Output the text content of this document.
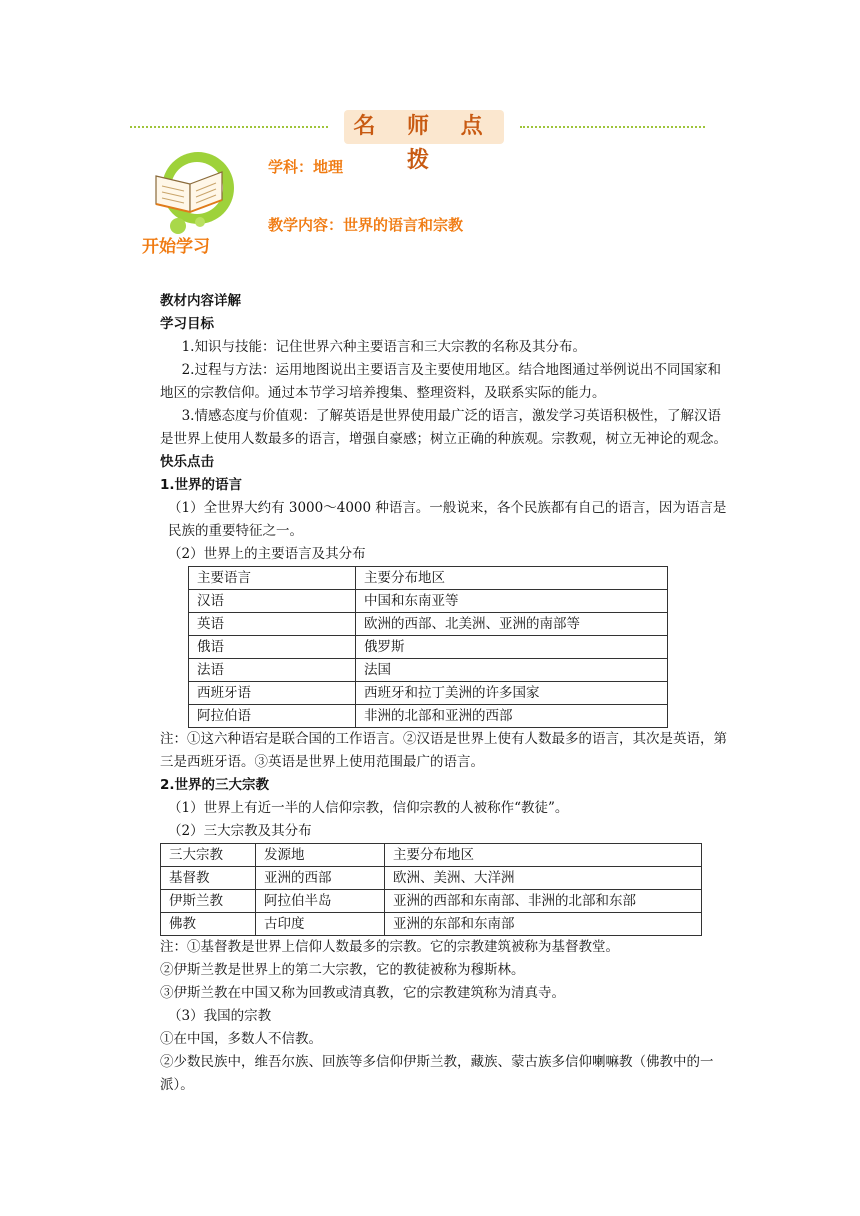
名 师 点 拨
开始学习
学科：地理
教学内容：世界的语言和宗教

教材内容详解

学习目标

1.知识与技能：记住世界六种主要语言和三大宗教的名称及其分布。

2.过程与方法：运用地图说出主要语言及主要使用地区。结合地图通过举例说出不同国家和地区的宗教信仰。通过本节学习培养搜集、整理资料，及联系实际的能力。

3.情感态度与价值观：了解英语是世界使用最广泛的语言，激发学习英语积极性，了解汉语是世界上使用人数最多的语言，增强自豪感；树立正确的种族观。宗教观，树立无神论的观念。

快乐点击

1.世界的语言

（1）全世界大约有 3000～4000 种语言。一般说来，各个民族都有自己的语言，因为语言是民族的重要特征之一。

（2）世界上的主要语言及其分布

主要语言	主要分布地区
汉语	中国和东南亚等
英语	欧洲的西部、北美洲、亚洲的南部等
俄语	俄罗斯
法语	法国
西班牙语	西班牙和拉丁美洲的许多国家
阿拉伯语	非洲的北部和亚洲的西部

注：①这六种语宕是联合国的工作语言。②汉语是世界上使有人数最多的语言，其次是英语，第三是西班牙语。③英语是世界上使用范围最广的语言。

2.世界的三大宗教

（1）世界上有近一半的人信仰宗教，信仰宗教的人被称作“教徒”。

（2）三大宗教及其分布

三大宗教	发源地	主要分布地区
基督教	亚洲的西部	欧洲、美洲、大洋洲
伊斯兰教	阿拉伯半岛	亚洲的西部和东南部、非洲的北部和东部
佛教	古印度	亚洲的东部和东南部

注：①基督教是世界上信仰人数最多的宗教。它的宗教建筑被称为基督教堂。

②伊斯兰教是世界上的第二大宗教，它的教徒被称为穆斯林。

③伊斯兰教在中国又称为回教或清真教，它的宗教建筑称为清真寺。

（3）我国的宗教

①在中国，多数人不信教。

②少数民族中，维吾尔族、回族等多信仰伊斯兰教，藏族、蒙古族多信仰喇嘛教（佛教中的一派）。
